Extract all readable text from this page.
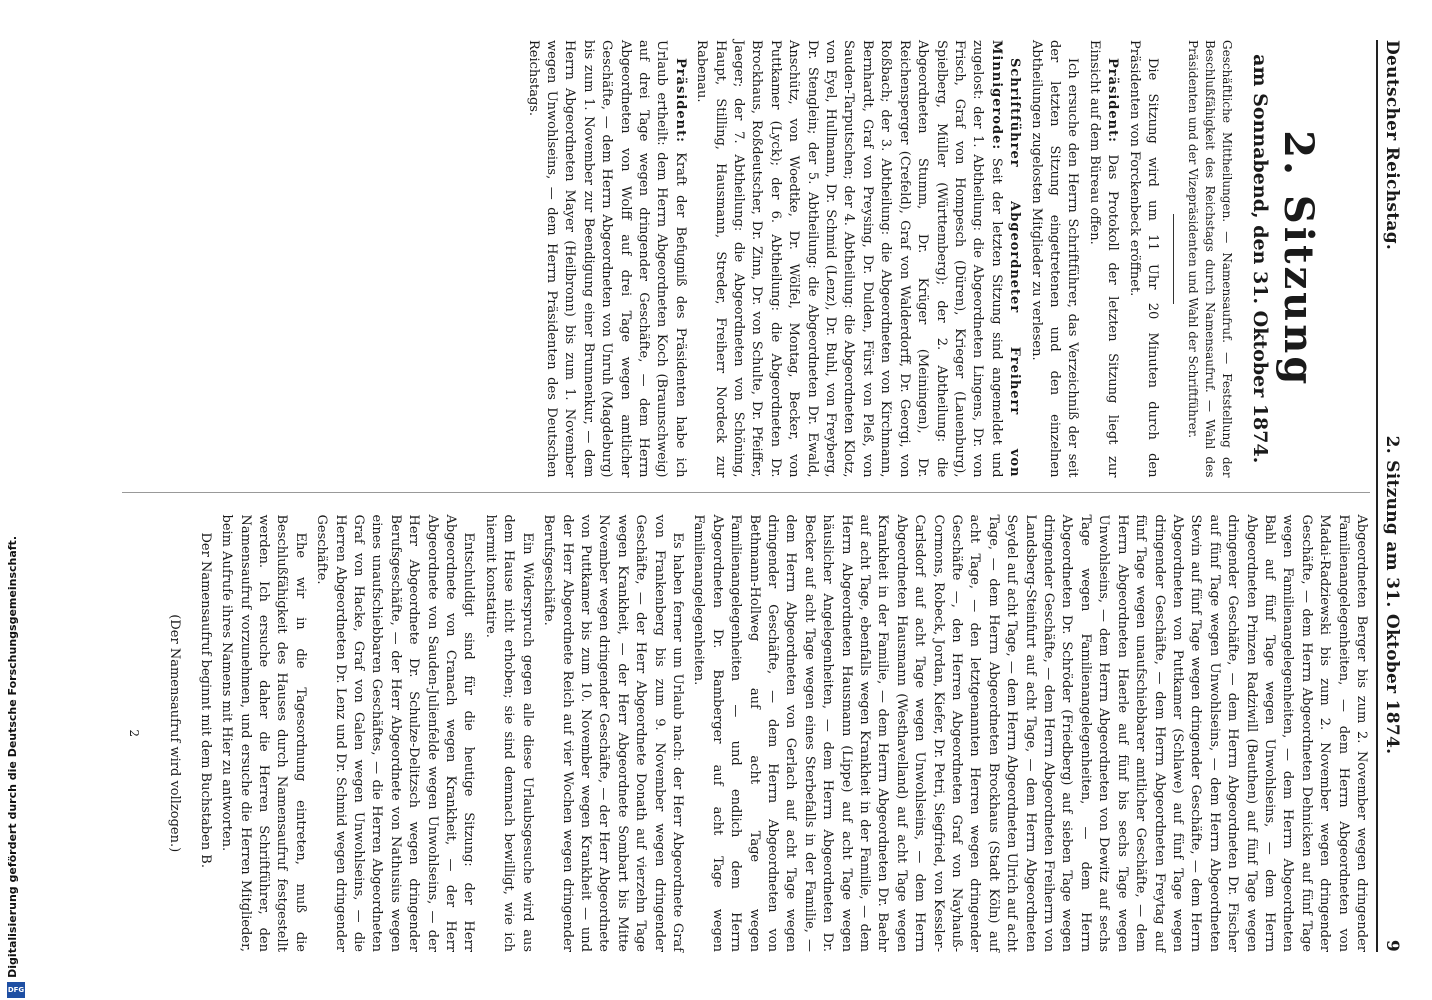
Deutscher Reichstag.
2. Sitzung am 31. Oktober 1874.
9
2. Sitzung
am Sonnabend, den 31. Oktober 1874.

Geschäftliche Mittheilungen. — Namensaufruf. — Feststellung der Beschlußfähigkeit des Reichstags durch Namensaufruf. — Wahl des Präsidenten und der Vizepräsidenten und Wahl der Schriftführer.

Die Sitzung wird um 11 Uhr 20 Minuten durch den Präsidenten von Forckenbeck eröffnet.

Präsident: Das Protokoll der letzten Sitzung liegt zur Einsicht auf dem Büreau offen.

Ich ersuche den Herrn Schriftführer, das Verzeichniß der seit der letzten Sitzung eingetretenen und den einzelnen Abtheilungen zugelosten Mitglieder zu verlesen.

Schriftführer Abgeordneter Freiherr von Minnigerode: Seit der letzten Sitzung sind angemeldet und zugelost: der 1. Abtheilung: die Abgeordneten Lingens, Dr. von Frisch, Graf von Hompesch (Düren), Krieger (Lauenburg), Spielberg, Müller (Württemberg); der 2. Abtheilung: die Abgeordneten Stumm, Dr. Krüger (Meiningen), Dr. Reichensperger (Crefeld), Graf von Walderdorff, Dr. Georgi, von Roßbach; der 3. Abtheilung: die Abgeordneten von Kirchmann, Bernhardt, Graf von Preysing, Dr. Dulden, Fürst von Pleß, von Sauden-Tarputschen; der 4. Abtheilung: die Abgeordneten Klotz, von Eyel, Hullmann, Dr. Schmid (Lenz), Dr. Buhl, von Freyberg, Dr. Stenglein; der 5. Abtheilung: die Abgeordneten Dr. Ewald, Anschütz, von Woedtke, Dr. Wölfel, Montag, Becker, von Puttkamer (Lyck); der 6. Abtheilung: die Abgeordneten Dr. Brockhaus, Roßdeutscher, Dr. Zinn, Dr. von Schulte, Dr. Pfeiffer, Jaeger; der 7. Abtheilung: die Abgeordneten von Schöning, Haupt, Stilling, Hausmann, Streder, Freiherr Nordeck zur Rabenau.

Präsident: Kraft der Befugniß des Präsidenten habe ich Urlaub ertheilt: dem Herrn Abgeordneten Koch (Braunschweig) auf drei Tage wegen dringender Geschäfte, — dem Herrn Abgeordneten von Wolff auf drei Tage wegen amtlicher Geschäfte, — dem Herrn Abgeordneten von Unruh (Magdeburg) bis zum 1. November zur Beendigung einer Brunnenkur, — dem Herrn Abgeordneten Mayer (Heilbronn) bis zum 1. November wegen Unwohlseins, — dem Herrn Präsidenten des Deutschen Reichstags.

Abgeordneten Berger bis zum 2. November wegen dringender Familienangelegenheiten, — dem Herrn Abgeordneten von Madai-Radziewski bis zum 2. November wegen dringender Geschäfte, — dem Herrn Abgeordneten Dehnicken auf fünf Tage wegen Familienangelegenheiten, — dem Herrn Abgeordneten Bahl auf fünf Tage wegen Unwohlseins, — dem Herrn Abgeordneten Prinzen Radziwill (Beuthen) auf fünf Tage wegen dringender Geschäfte, — dem Herrn Abgeordneten Dr. Fischer auf fünf Tage wegen Unwohlseins, — dem Herrn Abgeordneten Stevin auf fünf Tage wegen dringender Geschäfte, — dem Herrn Abgeordneten von Puttkamer (Schlawe) auf fünf Tage wegen dringender Geschäfte, — dem Herrn Abgeordneten Freytag auf fünf Tage wegen unaufschiebbarer amtlicher Geschäfte, — dem Herrn Abgeordneten Haerle auf fünf bis sechs Tage wegen Unwohlseins, — dem Herrn Abgeordneten von Dewitz auf sechs Tage wegen Familienangelegenheiten, — dem Herrn Abgeordneten Dr. Schröder (Friedberg) auf sieben Tage wegen dringender Geschäfte, — dem Herrn Abgeordneten Freiherrn von Landsberg-Steinfurt auf acht Tage, — dem Herrn Abgeordneten Seydel auf acht Tage, — dem Herrn Abgeordneten Ulrich auf acht Tage, — dem Herrn Abgeordneten Brockhaus (Stadt Köln) auf acht Tage, — den letztgenannten Herren wegen dringender Geschäfte —, den Herren Abgeordneten Graf von Nayhauß-Cormons, Robeck, Jordan, Kiefer, Dr. Petri, Siegfried, von Kessler-Carlsdorf auf acht Tage wegen Unwohlseins, — dem Herrn Abgeordneten Hausmann (Westhavelland) auf acht Tage wegen Krankheit in der Familie, — dem Herrn Abgeordneten Dr. Baehr auf acht Tage, ebenfalls wegen Krankheit in der Familie, — dem Herrn Abgeordneten Hausmann (Lippe) auf acht Tage wegen häuslicher Angelegenheiten, — dem Herrn Abgeordneten Dr. Becker auf acht Tage wegen eines Sterbefalls in der Familie, — dem Herrn Abgeordneten von Gerlach auf acht Tage wegen dringender Geschäfte, — dem Herrn Abgeordneten von Bethmann-Hollweg auf acht Tage wegen Familienangelegenheiten — und endlich dem Herrn Abgeordneten Dr. Bamberger auf acht Tage wegen Familienangelegenheiten.

Es haben ferner um Urlaub nach: der Herr Abgeordnete Graf von Frankenberg bis zum 9. November wegen dringender Geschäfte, — der Herr Abgeordnete Donath auf vierzehn Tage wegen Krankheit, — der Herr Abgeordnete Sombart bis Mitte November wegen dringender Geschäfte, — der Herr Abgeordnete von Puttkamer bis zum 10. November wegen Krankheit — und der Herr Abgeordnete Reich auf vier Wochen wegen dringender Berufsgeschäfte.

Ein Widerspruch gegen alle diese Urlaubsgesuche wird aus dem Hause nicht erhoben; sie sind demnach bewilligt, wie ich hiermit konstatire.

Entschuldigt sind für die heutige Sitzung: der Herr Abgeordnete von Cranach wegen Krankheit, — der Herr Abgeordnete von Sauden-Julienfelde wegen Unwohlseins, — der Herr Abgeordnete Dr. Schulze-Delitzsch wegen dringender Berufsgeschäfte, — der Herr Abgeordnete von Nathusius wegen eines unaufschiebbaren Geschäftes, — die Herren Abgeordneten Graf von Hacke, Graf von Galen wegen Unwohlseins, — die Herren Abgeordneten Dr. Lenz und Dr. Schmid wegen dringender Geschäfte.

Ehe wir in die Tagesordnung eintreten, muß die Beschlußfähigkeit des Hauses durch Namensaufruf festgestellt werden. Ich ersuche daher die Herren Schriftführer, den Namensaufruf vorzunehmen, und ersuche die Herren Mitglieder, beim Aufrufe ihres Namens mit Hier zu antworten.

Der Namensaufruf beginnt mit dem Buchstaben B.

(Der Namensaufruf wird vollzogen.)

2

Digitalisierung gefördert durch die Deutsche Forschungsgemeinschaft.
DFG
